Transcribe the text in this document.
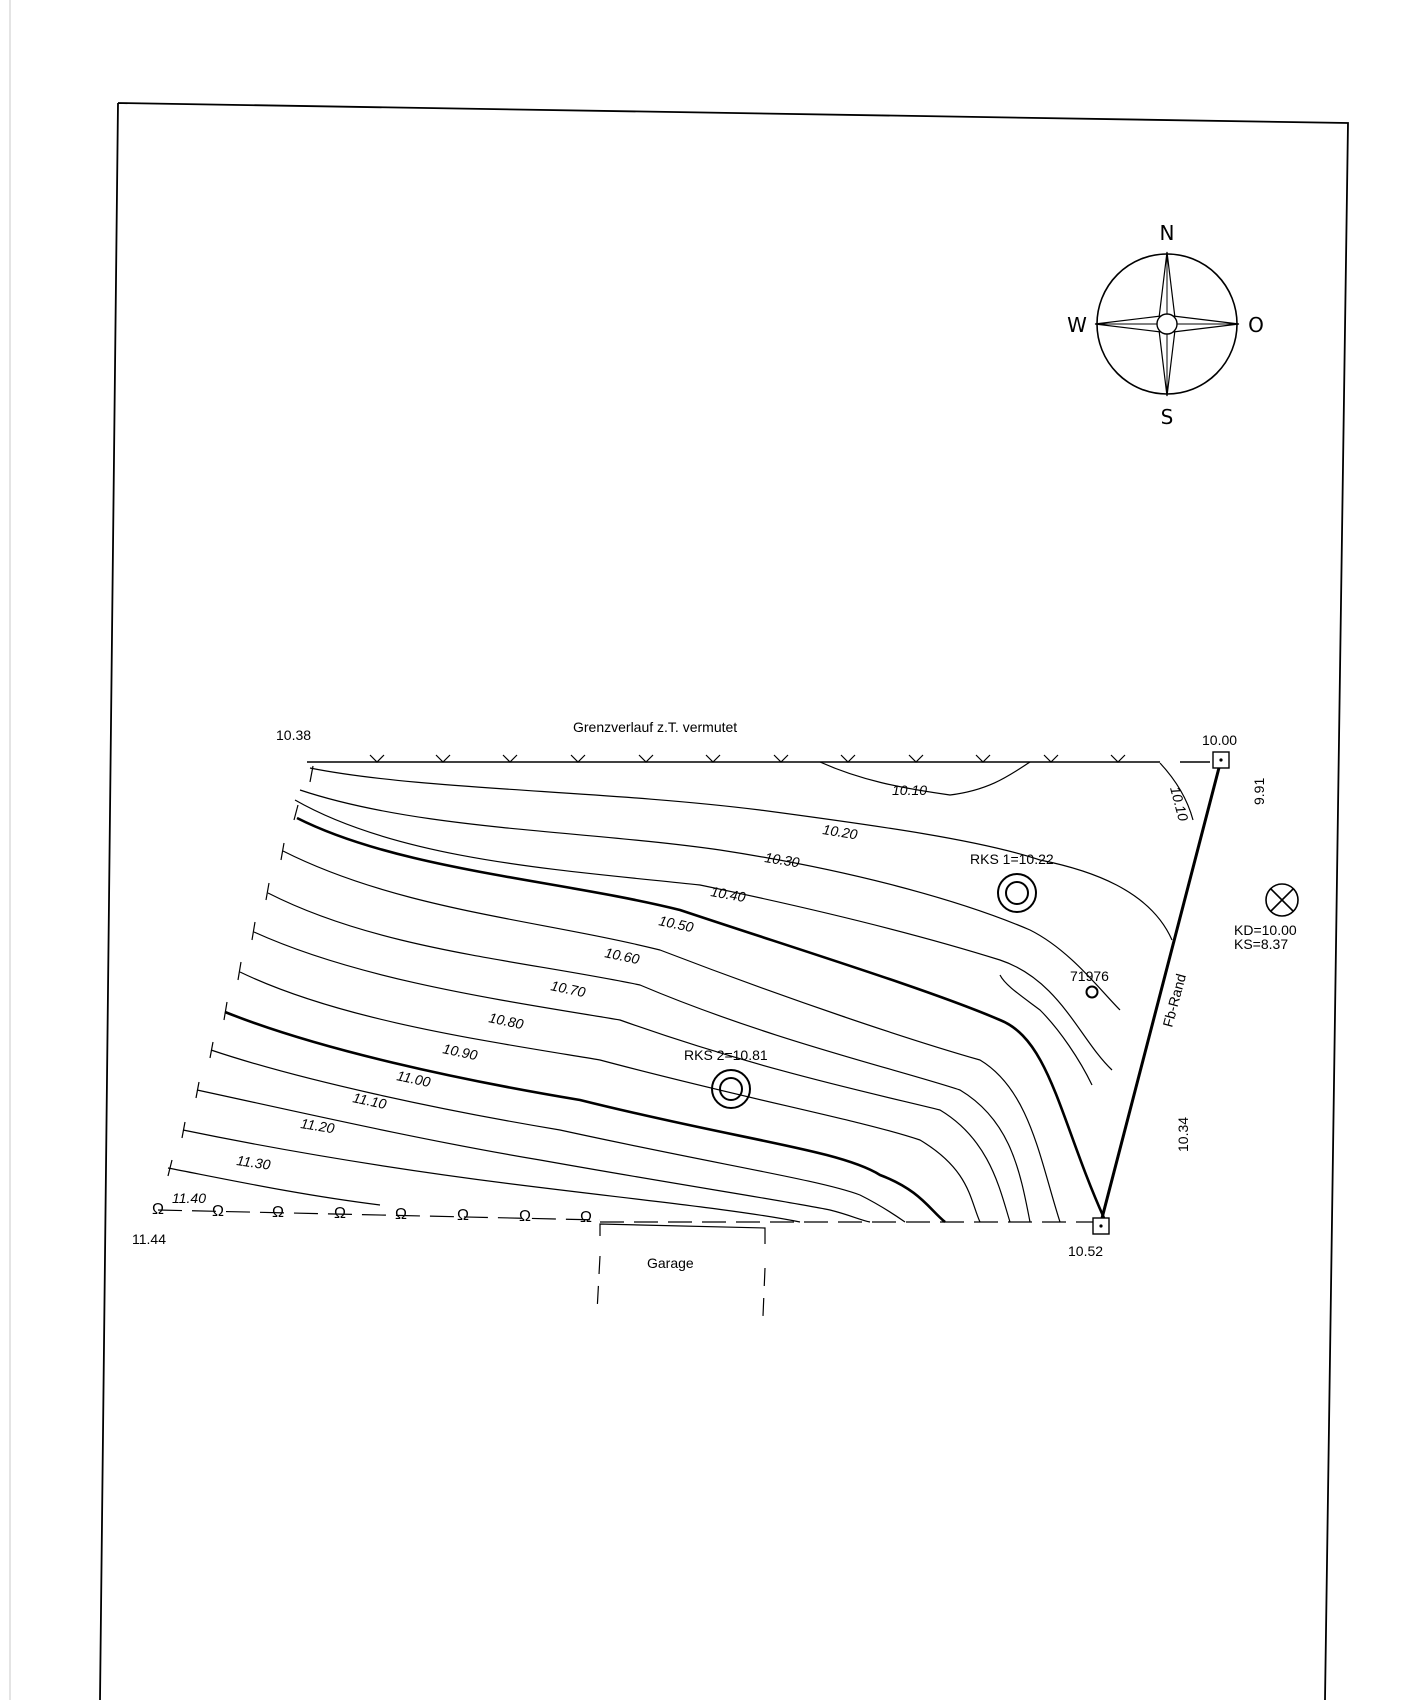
N
O
S
W
Ω	Ω	Ω	Ω	Ω	Ω	Ω	Ω
10.10
10.10
10.20
10.30
10.40
10.50
10.60
10.70
10.80
10.90
11.00
11.10
11.20
11.30
11.40
10.38	10.00
10.52
11.44
9.91
10.34
Grenzverlauf z.T. vermutet
Fb-Rand
RKS 1=10.22
RKS 2=10.81
71976
KD=10.00
KS=8.37
Garage
